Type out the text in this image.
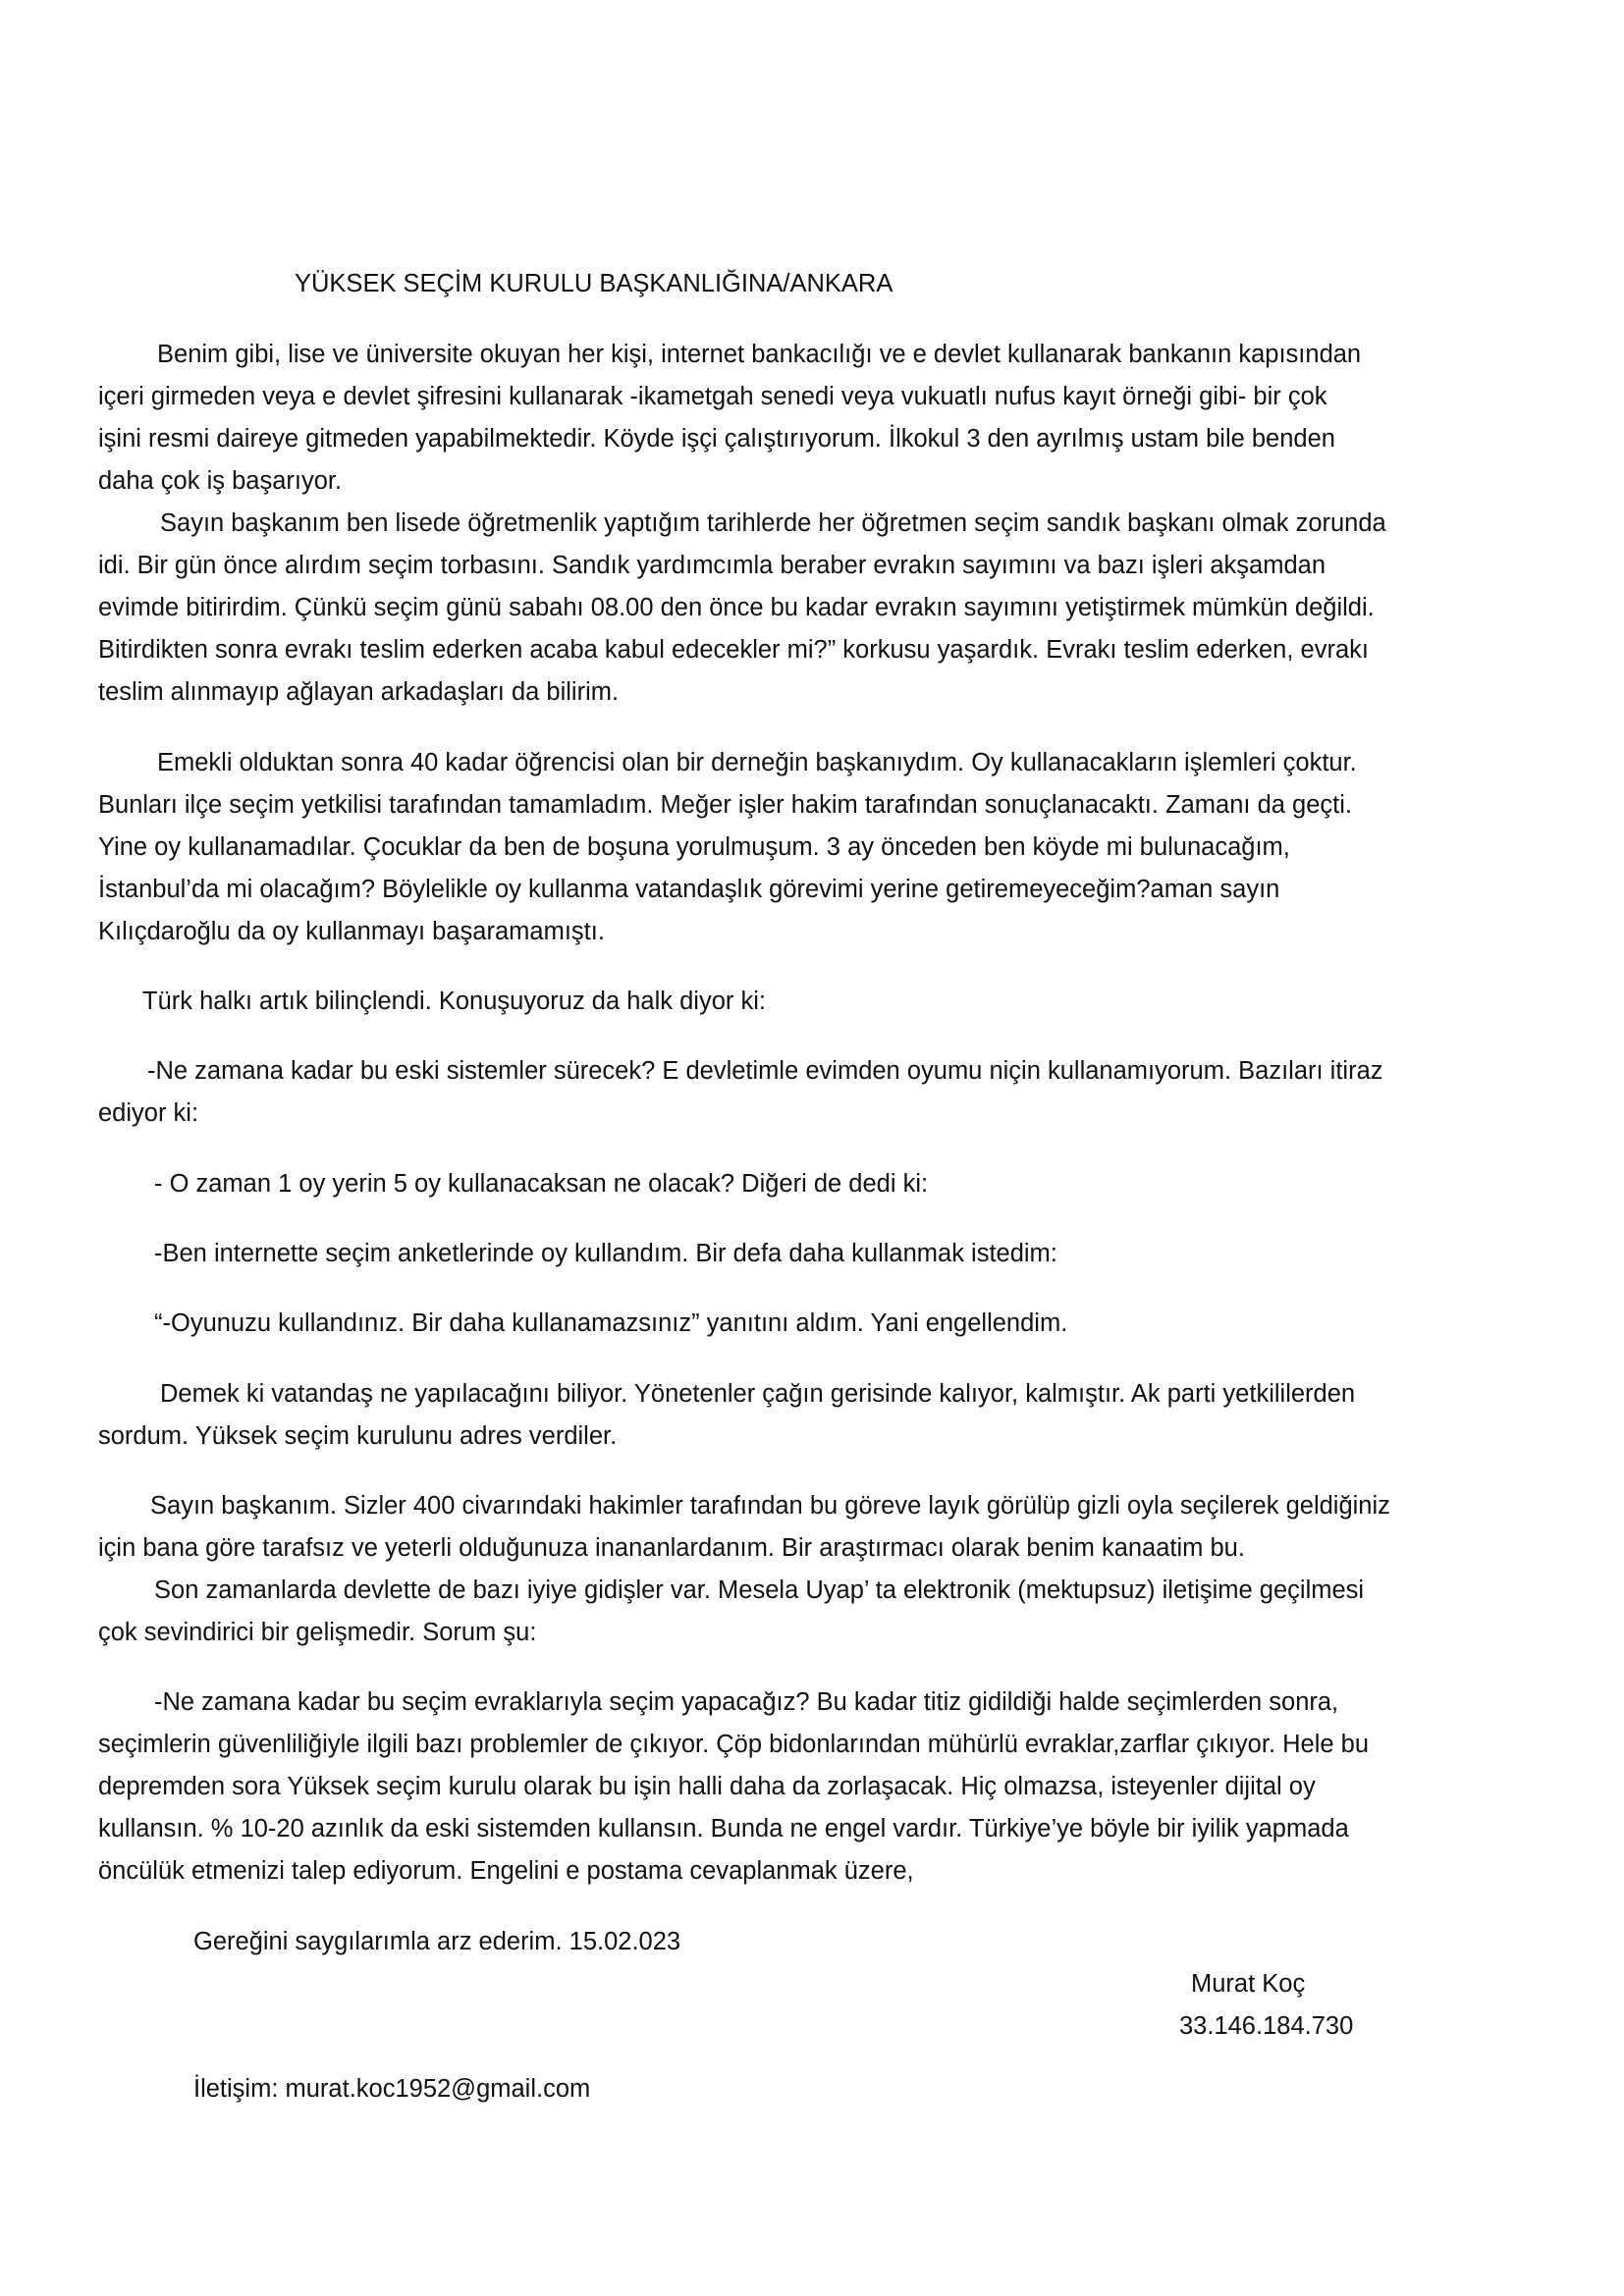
YÜKSEK SEÇİM KURULU BAŞKANLIĞINA/ANKARA

Benim gibi, lise ve üniversite okuyan her kişi, internet bankacılığı ve e devlet kullanarak bankanın kapısından

içeri girmeden veya e devlet şifresini kullanarak -ikametgah senedi veya vukuatlı nufus kayıt örneği gibi- bir çok

işini resmi daireye gitmeden yapabilmektedir. Köyde işçi çalıştırıyorum. İlkokul 3 den ayrılmış ustam bile benden

daha çok iş başarıyor.

Sayın başkanım ben lisede öğretmenlik yaptığım tarihlerde her öğretmen seçim sandık başkanı olmak zorunda

idi. Bir gün önce alırdım seçim torbasını. Sandık yardımcımla beraber evrakın sayımını va bazı işleri akşamdan

evimde bitirirdim. Çünkü seçim günü sabahı 08.00 den önce bu kadar evrakın sayımını yetiştirmek mümkün değildi.

Bitirdikten sonra evrakı teslim ederken acaba kabul edecekler mi?” korkusu yaşardık. Evrakı teslim ederken, evrakı

teslim alınmayıp ağlayan arkadaşları da bilirim.

Emekli olduktan sonra 40 kadar öğrencisi olan bir derneğin başkanıydım. Oy kullanacakların işlemleri çoktur.

Bunları ilçe seçim yetkilisi tarafından tamamladım. Meğer işler hakim tarafından sonuçlanacaktı. Zamanı da geçti.

Yine oy kullanamadılar. Çocuklar da ben de boşuna yorulmuşum. 3 ay önceden ben köyde mi bulunacağım,

İstanbul’da mi olacağım? Böylelikle oy kullanma vatandaşlık görevimi yerine getiremeyeceğim?aman sayın

Kılıçdaroğlu da oy kullanmayı başaramamıştı.

Türk halkı artık bilinçlendi. Konuşuyoruz da halk diyor ki:

-Ne zamana kadar bu eski sistemler sürecek? E devletimle evimden oyumu niçin kullanamıyorum. Bazıları itiraz

ediyor ki:

- O zaman 1 oy yerin 5 oy kullanacaksan ne olacak? Diğeri de dedi ki:

-Ben internette seçim anketlerinde oy kullandım. Bir defa daha kullanmak istedim:

“-Oyunuzu kullandınız. Bir daha kullanamazsınız” yanıtını aldım. Yani engellendim.

Demek ki vatandaş ne yapılacağını biliyor. Yönetenler çağın gerisinde kalıyor, kalmıştır. Ak parti yetkililerden

sordum. Yüksek seçim kurulunu adres verdiler.

Sayın başkanım. Sizler 400 civarındaki hakimler tarafından bu göreve layık görülüp gizli oyla seçilerek geldiğiniz

için bana göre tarafsız ve yeterli olduğunuza inananlardanım. Bir araştırmacı olarak benim kanaatim bu.

Son zamanlarda devlette de bazı iyiye gidişler var. Mesela Uyap’ ta elektronik (mektupsuz) iletişime geçilmesi

çok sevindirici bir gelişmedir. Sorum şu:

-Ne zamana kadar bu seçim evraklarıyla seçim yapacağız? Bu kadar titiz gidildiği halde seçimlerden sonra,

seçimlerin güvenliliğiyle ilgili bazı problemler de çıkıyor. Çöp bidonlarından mühürlü evraklar,zarflar çıkıyor. Hele bu

depremden sora Yüksek seçim kurulu olarak bu işin halli daha da zorlaşacak. Hiç olmazsa, isteyenler dijital oy

kullansın. % 10-20 azınlık da eski sistemden kullansın. Bunda ne engel vardır. Türkiye’ye böyle bir iyilik yapmada

öncülük etmenizi talep ediyorum. Engelini e postama cevaplanmak üzere,

Gereğini saygılarımla arz ederim. 15.02.023

Murat Koç

33.146.184.730

İletişim: murat.koc1952@gmail.com
